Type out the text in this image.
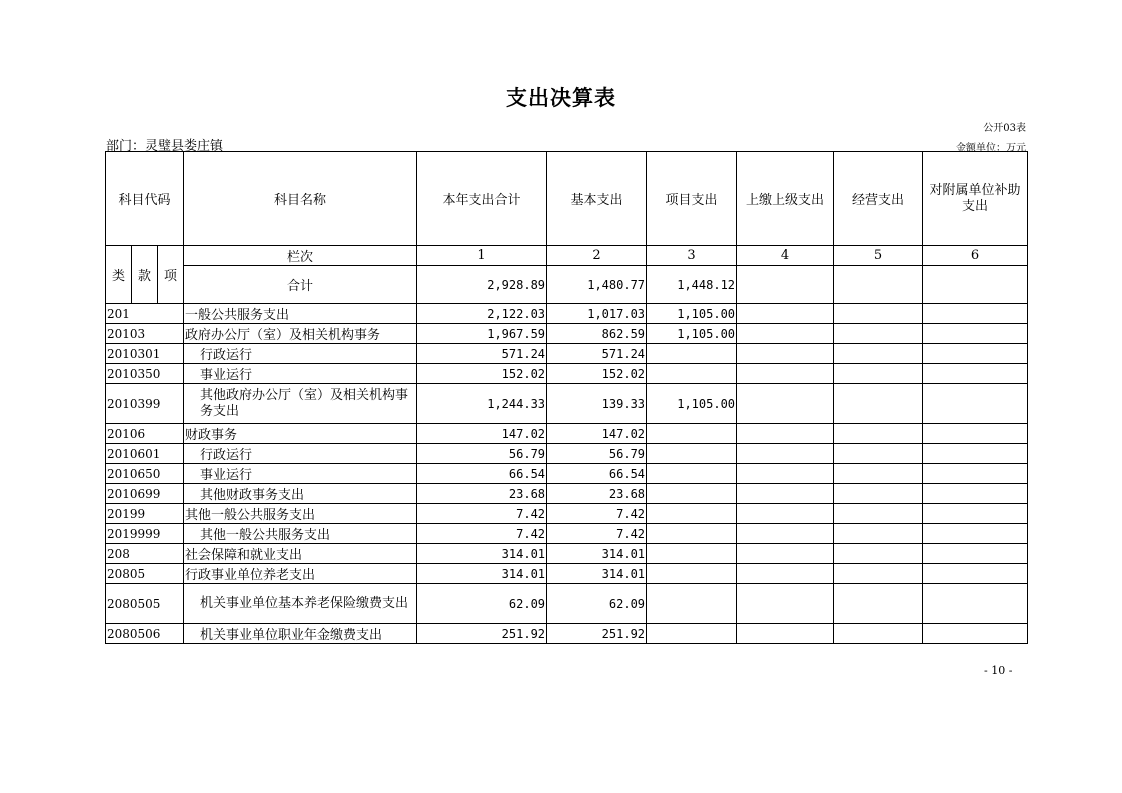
支出决算表
公开03表
部门：灵璧县娄庄镇	金额单位：万元
科目代码			科目名称	本年支出合计	基本支出	项目支出	上缴上级支出	经营支出	对附属单位补助支出
类	款	项	栏次	1	2	3	4	5	6
			合计	2,928.89	1,480.77	1,448.12			
201			一般公共服务支出	2,122.03	1,017.03	1,105.00			
20103			政府办公厅（室）及相关机构事务	1,967.59	862.59	1,105.00			
2010301			行政运行	571.24	571.24				
2010350			事业运行	152.02	152.02				
2010399			其他政府办公厅（室）及相关机构事务支出	1,244.33	139.33	1,105.00			
20106			财政事务	147.02	147.02				
2010601			行政运行	56.79	56.79				
2010650			事业运行	66.54	66.54				
2010699			其他财政事务支出	23.68	23.68				
20199			其他一般公共服务支出	7.42	7.42				
2019999			其他一般公共服务支出	7.42	7.42				
208			社会保障和就业支出	314.01	314.01				
20805			行政事业单位养老支出	314.01	314.01				
2080505			机关事业单位基本养老保险缴费支出	62.09	62.09				
2080506			机关事业单位职业年金缴费支出	251.92	251.92				
- 10 -
